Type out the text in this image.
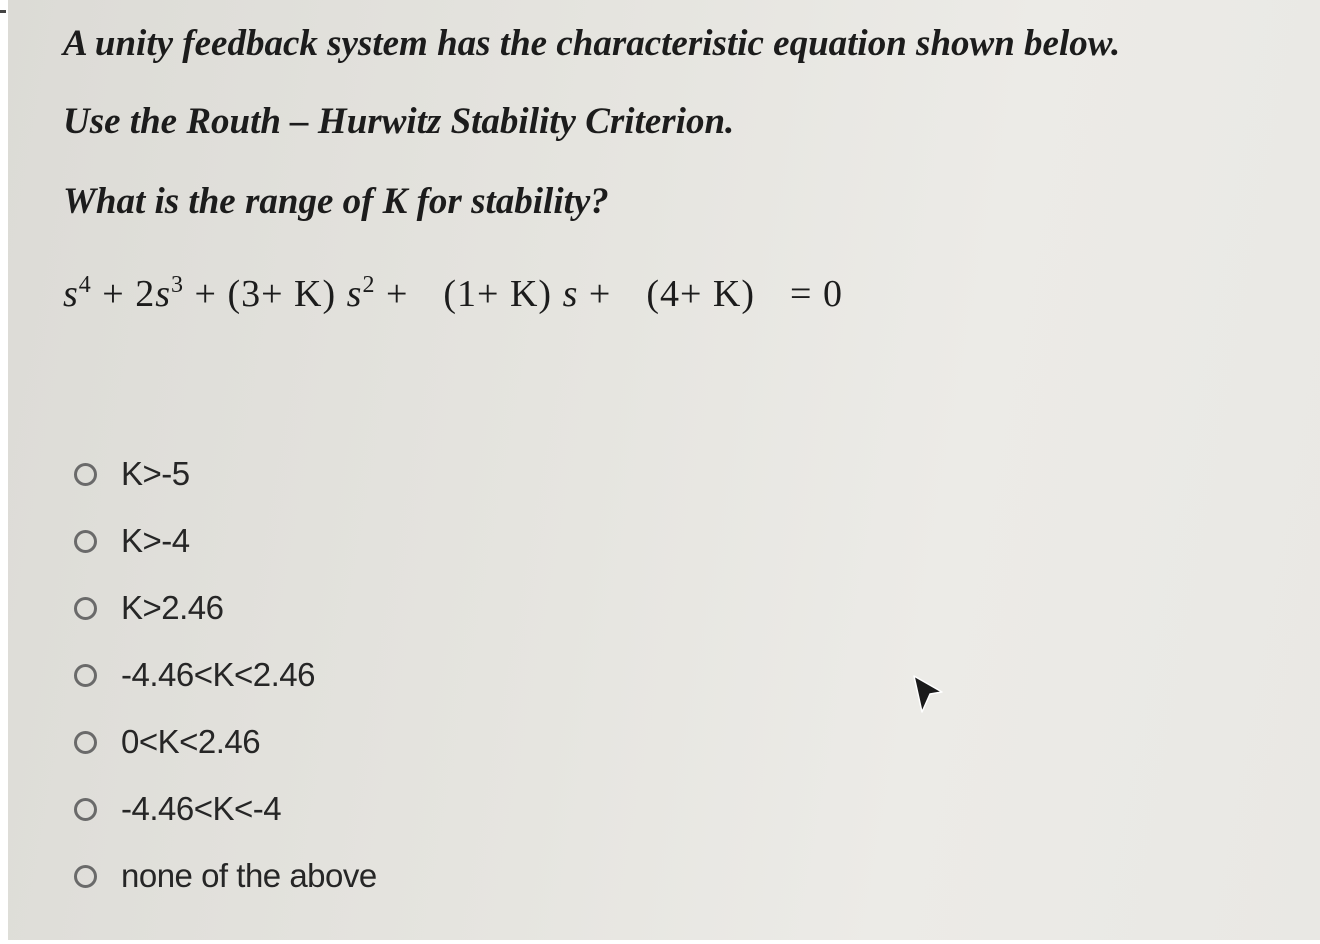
A unity feedback system has the characteristic equation shown below.
Use the Routh – Hurwitz Stability Criterion.
What is the range of K for stability?
$s^4 + 2s^3 + (3+ K) s^2 + (1+ K) s + (4+ K) = 0$
K>-5
K>-4
K>2.46
-4.46<K<2.46
0<K<2.46
-4.46<K<-4
none of the above
